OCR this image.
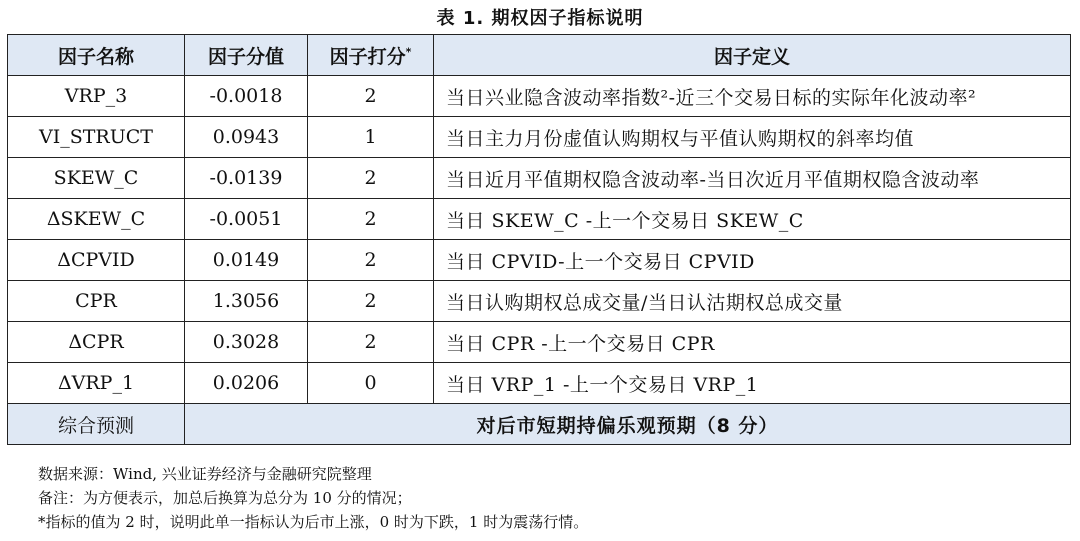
表 1. 期权因子指标说明
因子名称	因子分值	因子打分*	因子定义
VRP_3	-0.0018	2	当日兴业隐含波动率指数²-近三个交易日标的实际年化波动率²
VI_STRUCT	0.0943	1	当日主力月份虚值认购期权与平值认购期权的斜率均值
SKEW_C	-0.0139	2	当日近月平值期权隐含波动率-当日次近月平值期权隐含波动率
ΔSKEW_C	-0.0051	2	当日 SKEW_C -上一个交易日 SKEW_C
ΔCPVID	0.0149	2	当日 CPVID-上一个交易日 CPVID
CPR	1.3056	2	当日认购期权总成交量/当日认沽期权总成交量
ΔCPR	0.3028	2	当日 CPR -上一个交易日 CPR
ΔVRP_1	0.0206	0	当日 VRP_1 -上一个交易日 VRP_1
综合预测	对后市短期持偏乐观预期（8 分）		
数据来源：Wind, 兴业证券经济与金融研究院整理
备注：为方便表示，加总后换算为总分为 10 分的情况；
*指标的值为 2 时，说明此单一指标认为后市上涨，0 时为下跌，1 时为震荡行情。
